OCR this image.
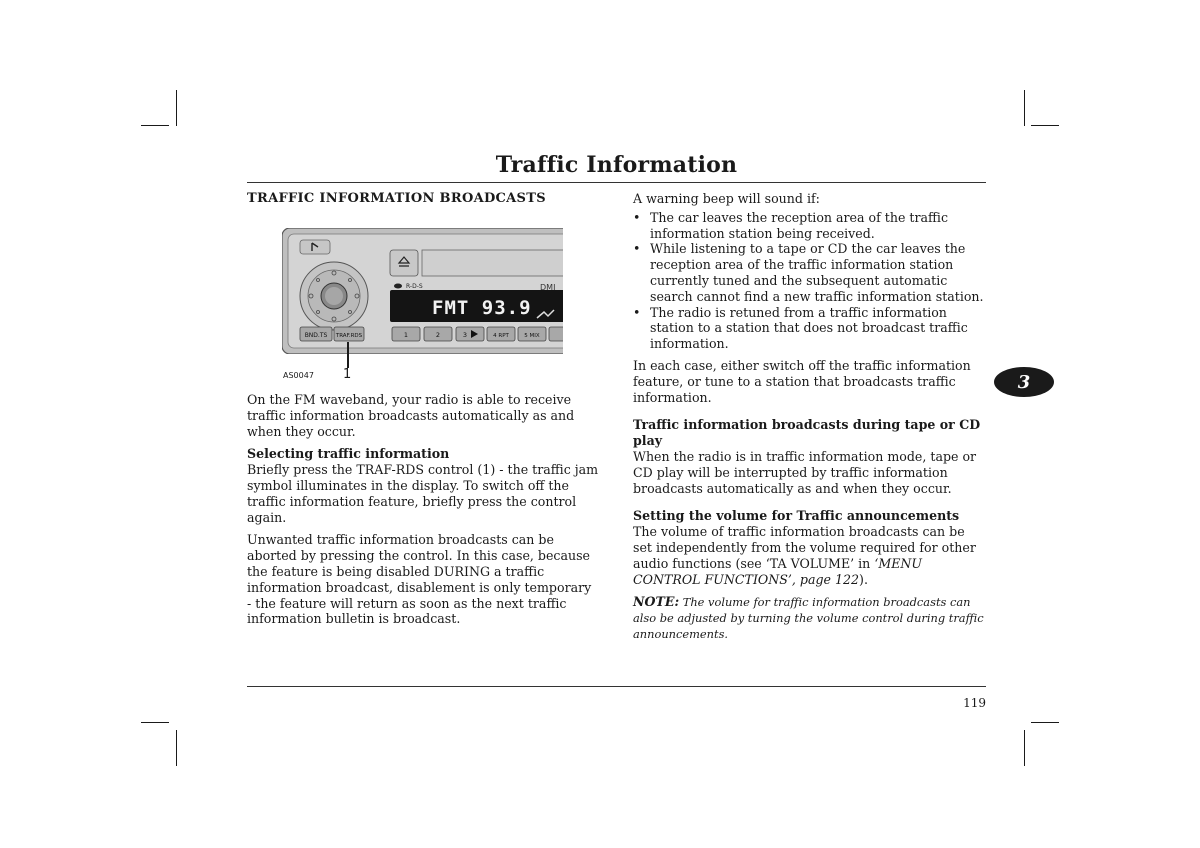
Traffic Information
TRAFFIC INFORMATION BROADCASTS
R-D-S	DMI
FMT 93.9
BND.TS TRAF.RDS	1	2	3	4 RPT	5 MIX
AS0047 1

On the FM waveband, your radio is able to receive traffic information broadcasts automatically as and when they occur.

Selecting traffic information

Briefly press the TRAF-RDS control (1) - the traffic jam symbol illuminates in the display. To switch off the traffic information feature, briefly press the control again.

Unwanted traffic information broadcasts can be aborted by pressing the control. In this case, because the feature is being disabled DURING a traffic information broadcast, disablement is only temporary - the feature will return as soon as the next traffic information bulletin is broadcast.

A warning beep will sound if:

• The car leaves the reception area of the traffic information station being received.
• While listening to a tape or CD the car leaves the reception area of the traffic information station currently tuned and the subsequent automatic search cannot find a new traffic information station.
• The radio is retuned from a traffic information station to a station that does not broadcast traffic information.

In each case, either switch off the traffic information feature, or tune to a station that broadcasts traffic information.

Traffic information broadcasts during tape or CD play

When the radio is in traffic information mode, tape or CD play will be interrupted by traffic information broadcasts automatically as and when they occur.

Setting the volume for Traffic announcements

The volume of traffic information broadcasts can be set independently from the volume required for other audio functions (see ‘TA VOLUME’ in ‘MENU CONTROL FUNCTIONS’, page 122).

NOTE: The volume for traffic information broadcasts can also be adjusted by turning the volume control during traffic announcements.

3
119
